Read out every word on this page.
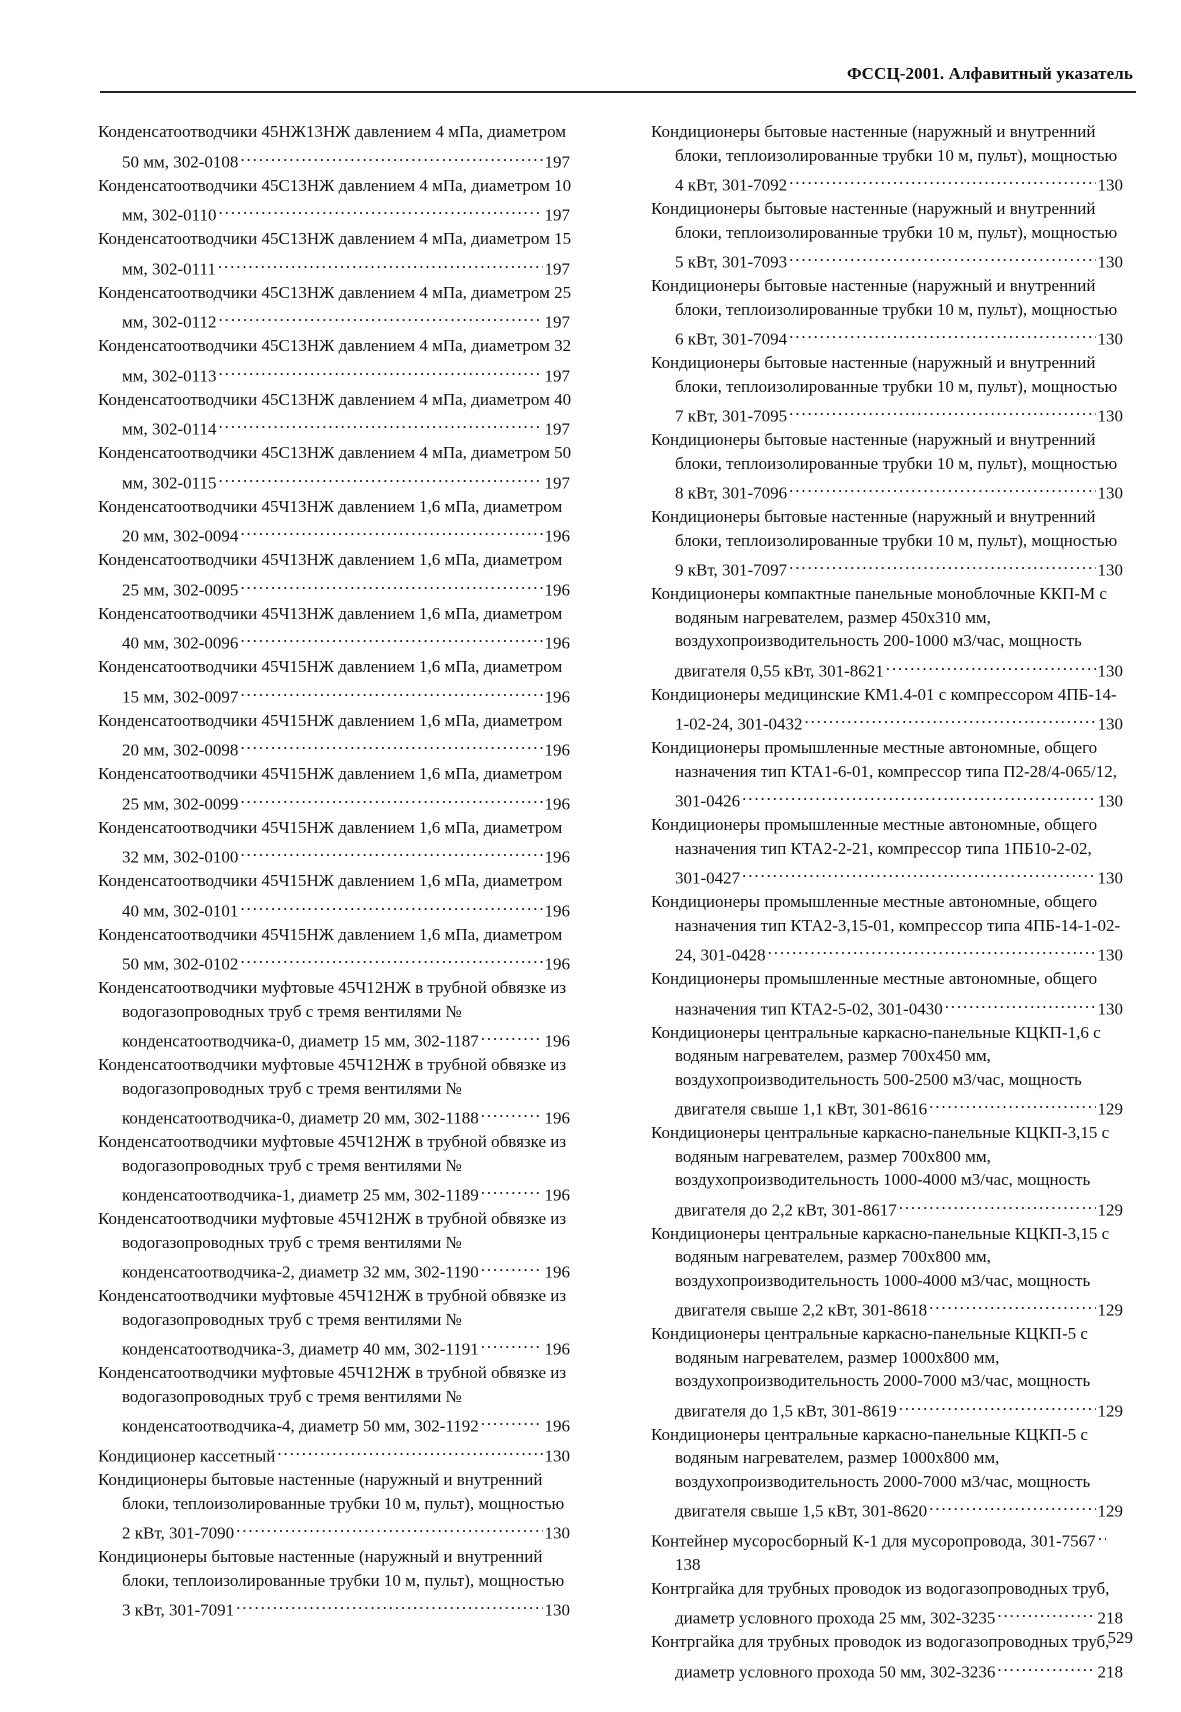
ФССЦ-2001. Алфавитный указатель
Конденсатоотводчики 45НЖ13НЖ давлением 4 мПа, диаметром 50 мм, 302-0108. . .	197
Конденсатоотводчики 45С13НЖ давлением 4 мПа, диаметром 10 мм, 302-0110. . .	197
Конденсатоотводчики 45С13НЖ давлением 4 мПа, диаметром 15 мм, 302-0111. . .	197
Конденсатоотводчики 45С13НЖ давлением 4 мПа, диаметром 25 мм, 302-0112. . .	197
Конденсатоотводчики 45С13НЖ давлением 4 мПа, диаметром 32 мм, 302-0113. . .	197
Конденсатоотводчики 45С13НЖ давлением 4 мПа, диаметром 40 мм, 302-0114. . .	197
Конденсатоотводчики 45С13НЖ давлением 4 мПа, диаметром 50 мм, 302-0115. . .	197
Конденсатоотводчики 45Ч13НЖ давлением 1,6 мПа, диаметром 20 мм, 302-0094. . .	196
Конденсатоотводчики 45Ч13НЖ давлением 1,6 мПа, диаметром 25 мм, 302-0095. . .	196
Конденсатоотводчики 45Ч13НЖ давлением 1,6 мПа, диаметром 40 мм, 302-0096. . .	196
Конденсатоотводчики 45Ч15НЖ давлением 1,6 мПа, диаметром 15 мм, 302-0097. . .	196
Конденсатоотводчики 45Ч15НЖ давлением 1,6 мПа, диаметром 20 мм, 302-0098. . .	196
Конденсатоотводчики 45Ч15НЖ давлением 1,6 мПа, диаметром 25 мм, 302-0099. . .	196
Конденсатоотводчики 45Ч15НЖ давлением 1,6 мПа, диаметром 32 мм, 302-0100. . .	196
Конденсатоотводчики 45Ч15НЖ давлением 1,6 мПа, диаметром 40 мм, 302-0101. . .	196
Конденсатоотводчики 45Ч15НЖ давлением 1,6 мПа, диаметром 50 мм, 302-0102. . .	196
Конденсатоотводчики муфтовые 45Ч12НЖ в трубной обвязке из водогазопроводных труб с тремя вентилями № конденсатоотводчика-0, диаметр 15 мм, 302-1187. . .	196
Конденсатоотводчики муфтовые 45Ч12НЖ в трубной обвязке из водогазопроводных труб с тремя вентилями № конденсатоотводчика-0, диаметр 20 мм, 302-1188. . .	196
Конденсатоотводчики муфтовые 45Ч12НЖ в трубной обвязке из водогазопроводных труб с тремя вентилями № конденсатоотводчика-1, диаметр 25 мм, 302-1189. . .	196
Конденсатоотводчики муфтовые 45Ч12НЖ в трубной обвязке из водогазопроводных труб с тремя вентилями № конденсатоотводчика-2, диаметр 32 мм, 302-1190. . .	196
Конденсатоотводчики муфтовые 45Ч12НЖ в трубной обвязке из водогазопроводных труб с тремя вентилями № конденсатоотводчика-3, диаметр 40 мм, 302-1191. . .	196
Конденсатоотводчики муфтовые 45Ч12НЖ в трубной обвязке из водогазопроводных труб с тремя вентилями № конденсатоотводчика-4, диаметр 50 мм, 302-1192. . .	196
Кондиционер кассетный. . .	130
Кондиционеры бытовые настенные (наружный и внутренний блоки, теплоизолированные трубки 10 м, пульт), мощностью 2 кВт, 301-7090. . .	130
Кондиционеры бытовые настенные (наружный и внутренний блоки, теплоизолированные трубки 10 м, пульт), мощностью 3 кВт, 301-7091. . .	130
Кондиционеры бытовые настенные (наружный и внутренний блоки, теплоизолированные трубки 10 м, пульт), мощностью 4 кВт, 301-7092. . .	130
Кондиционеры бытовые настенные (наружный и внутренний блоки, теплоизолированные трубки 10 м, пульт), мощностью 5 кВт, 301-7093. . .	130
Кондиционеры бытовые настенные (наружный и внутренний блоки, теплоизолированные трубки 10 м, пульт), мощностью 6 кВт, 301-7094. . .	130
Кондиционеры бытовые настенные (наружный и внутренний блоки, теплоизолированные трубки 10 м, пульт), мощностью 7 кВт, 301-7095. . .	130
Кондиционеры бытовые настенные (наружный и внутренний блоки, теплоизолированные трубки 10 м, пульт), мощностью 8 кВт, 301-7096. . .	130
Кондиционеры бытовые настенные (наружный и внутренний блоки, теплоизолированные трубки 10 м, пульт), мощностью 9 кВт, 301-7097. . .	130
Кондиционеры компактные панельные моноблочные ККП-М с водяным нагревателем, размер 450х310 мм, воздухопроизводительность 200-1000 м3/час, мощность двигателя 0,55 кВт, 301-8621. . .	130
Кондиционеры медицинские КМ1.4-01 с компрессором 4ПБ-14-1-02-24, 301-0432. . .	130
Кондиционеры промышленные местные автономные, общего назначения тип КТА1-6-01, компрессор типа П2-28/4-065/12, 301-0426. . .	130
Кондиционеры промышленные местные автономные, общего назначения тип КТА2-2-21, компрессор типа 1ПБ10-2-02, 301-0427. . .	130
Кондиционеры промышленные местные автономные, общего назначения тип КТА2-3,15-01, компрессор типа 4ПБ-14-1-02-24, 301-0428. . .	130
Кондиционеры промышленные местные автономные, общего назначения тип КТА2-5-02, 301-0430. . .	130
Кондиционеры центральные каркасно-панельные КЦКП-1,6 с водяным нагревателем, размер 700х450 мм, воздухопроизводительность 500-2500 м3/час, мощность двигателя свыше 1,1 кВт, 301-8616. . .	129
Кондиционеры центральные каркасно-панельные КЦКП-3,15 с водяным нагревателем, размер 700х800 мм, воздухопроизводительность 1000-4000 м3/час, мощность двигателя до 2,2 кВт, 301-8617. . .	129
Кондиционеры центральные каркасно-панельные КЦКП-3,15 с водяным нагревателем, размер 700х800 мм, воздухопроизводительность 1000-4000 м3/час, мощность двигателя свыше 2,2 кВт, 301-8618. . .	129
Кондиционеры центральные каркасно-панельные КЦКП-5 с водяным нагревателем, размер 1000х800 мм, воздухопроизводительность 2000-7000 м3/час, мощность двигателя до 1,5 кВт, 301-8619. . .	129
Кондиционеры центральные каркасно-панельные КЦКП-5 с водяным нагревателем, размер 1000х800 мм, воздухопроизводительность 2000-7000 м3/час, мощность двигателя свыше 1,5 кВт, 301-8620. . .	129
Контейнер мусоросборный К-1 для мусоропровода, 301-7567. . .138
Контргайка для трубных проводок из водогазопроводных труб, диаметр условного прохода 25 мм, 302-3235. . .	218
Контргайка для трубных проводок из водогазопроводных труб, диаметр условного прохода 50 мм, 302-3236. . .	218
529
